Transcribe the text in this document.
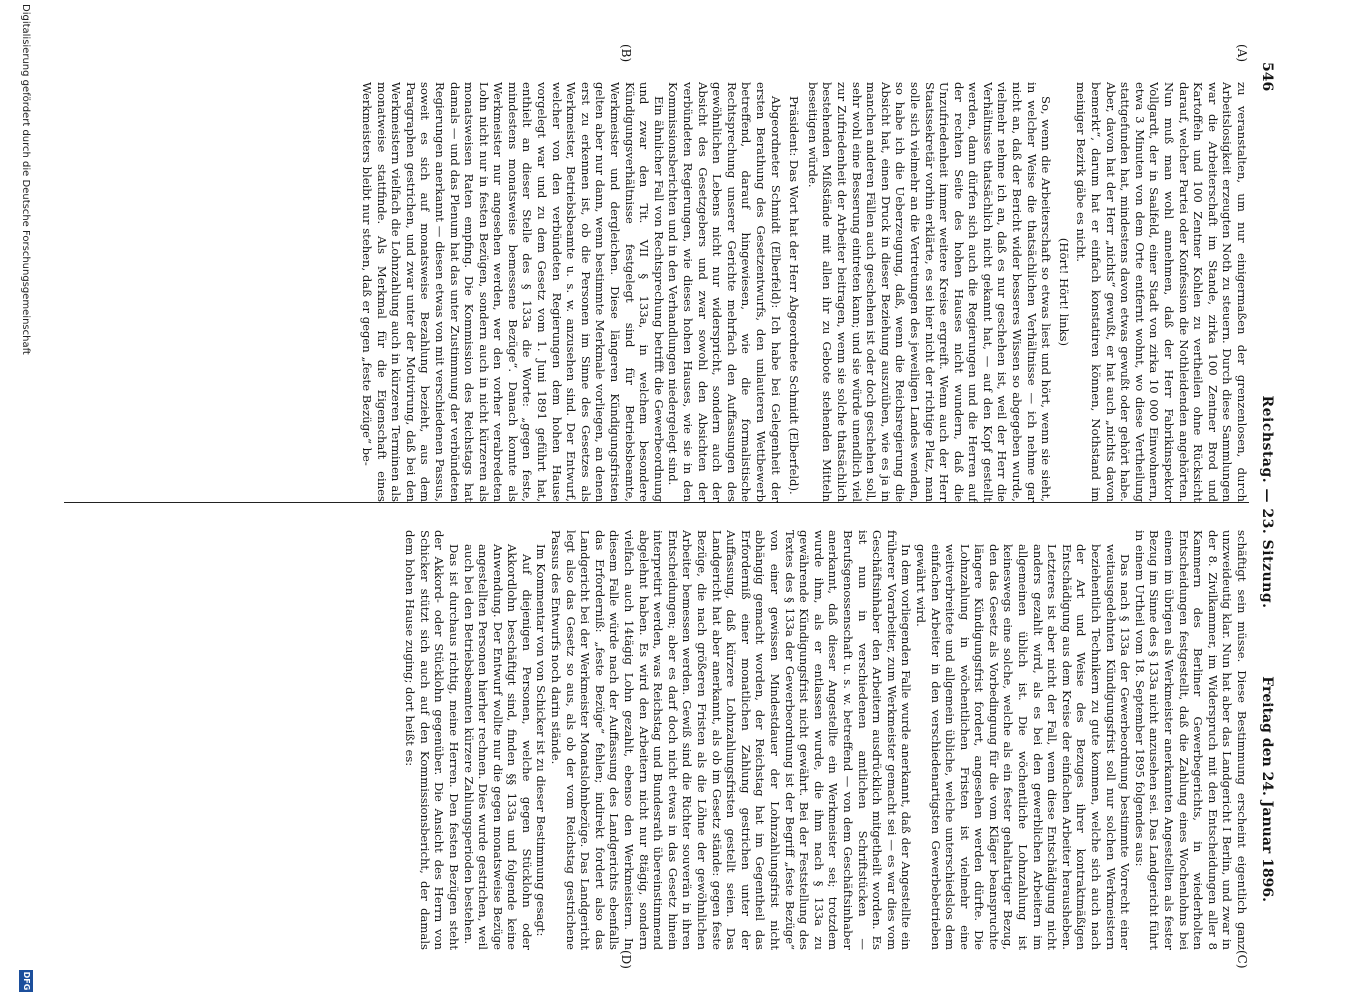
546
Reichstag. — 23. Sitzung.
Freitag den 24. Januar 1896.
(A)
(B)
(C)
(D)

zu veranstalten, um nur einigermaßen der grenzenlosen, durch Arbeitslosigkeit erzeugten Noth zu steuern. Durch diese Sammlungen war die Arbeiterschaft im Stande, zirka 100 Zentner Brod und Kartoffeln und 100 Zentner Kohlen zu vertheilen ohne Rücksicht darauf, welcher Partei oder Konfession die Nothleidenden angehörten. Nun muß man wohl annehmen, daß der Herr Fabrikinspektor Vollgardt, der in Saalfeld, einer Stadt von zirka 10 000 Einwohnern, etwa 3 Minuten von dem Orte entfernt wohnt, wo diese Vertheilung stattgefunden hat, mindestens davon etwas gewußt oder gehört habe. Aber, davon hat der Herr „nichts“ gewußt, er hat auch „nichts davon bemerkt“, darum hat er einfach konstatiren können, Nothstand im meiniger Bezirk gäbe es nicht.

(Hört! Hört! links)

So, wenn die Arbeiterschaft so etwas liest und hört, wenn sie sieht, in welcher Weise die thatsächlichen Verhältnisse — ich nehme gar nicht an, daß der Bericht wider besseres Wissen so abgegeben wurde, vielmehr nehme ich an, daß es nur geschehen ist, weil der Herr die Verhältnisse thatsächlich nicht gekannt hat, — auf den Kopf gestellt werden, dann dürfen sich auch die Regierungen und die Herren auf der rechten Seite des hohen Hauses nicht wundern, daß die Unzufriedenheit immer weitere Kreise ergreift. Wenn auch der Herr Staatssekretär vorhin erklärte, es sei hier nicht der richtige Platz, man solle sich vielmehr an die Vertretungen des jeweiligen Landes wenden, so habe ich die Ueberzeugung, daß, wenn die Reichsregierung die Absicht hat, einen Druck in dieser Beziehung auszuüben, wie es ja in manchen anderen Fällen auch geschehen ist oder doch geschehen soll, sehr wohl eine Besserung eintreten kann; und sie würde unendlich viel zur Zufriedenheit der Arbeiter beitragen, wenn sie solche thatsächlich bestehenden Mißstände mit allen ihr zu Gebote stehenden Mitteln beseitigen würde.

Präsident: Das Wort hat der Herr Abgeordnete Schmidt (Elberfeld).

Abgeordneter Schmidt (Elberfeld): Ich habe bei Gelegenheit der ersten Berathung des Gesetzentwurfs, den unlauteren Wettbewerb betreffend, darauf hingewiesen, wie die formalistische Rechtsprechung unserer Gerichte mehrfach den Auffassungen des gewöhnlichen Lebens nicht nur widerspricht, sondern auch der Absicht des Gesetzgebers und zwar sowohl den Absichten der verbündeten Regierungen, wie dieses hohen Hauses, wie sie in den Kommissionsberichten und in den Verhandlungen niedergelegt sind.

Ein ähnlicher Fall von Rechtsprechung betrifft die Gewerbeordnung und zwar den Tit. VII § 133a, in welchem besondere Kündigungsverhältnisse festgelegt sind für Betriebsbeamte, Werkmeister und dergleichen. Diese längeren Kündigungsfristen gelten aber nur dann, wenn bestimmte Merkmale vorliegen, an denen erst zu erkennen ist, ob die Personen im Sinne des Gesetzes als Werkmeister, Betriebsbeamte u. s. w. anzusehen sind. Der Entwurf, welcher von den verbündeten Regierungen dem hohen Hause vorgelegt war und zu dem Gesetz vom 1. Juni 1891 geführt hat, enthielt an dieser Stelle des § 133a die Worte: „gegen feste, mindestens monatsweise bemessene Bezüge“. Danach konnte als Werkmeister nur angesehen werden, wer den vorher verabredeten Lohn nicht nur in festen Bezügen, sondern auch in nicht kürzeren als monatsweisen Raten empfing. Die Kommission des Reichstags hat damals — und das Plenum hat das unter Zustimmung der verbündeten Regierungen anerkannt — diesen etwas von mit verschiedenen Passus, soweit es sich auf monatsweise Bezahlung bezieht, aus dem Paragraphen gestrichen, und zwar unter der Motivirung, daß bei den Werkmeistern vielfach die Lohnzahlung auch in kürzeren Terminen als monatweise stattfinde. Als Merkmal für die Eigenschaft eines Werkmeisters bleibt nur stehen, daß er gegen „feste Bezüge“ be-

schäftigt sein müsse. Diese Bestimmung erscheint eigentlich ganz unzweideutig klar. Nun hat aber das Landgericht I Berlin, und zwar in der 8. Zivilkammer, im Widerspruch mit den Entscheidungen aller 8 Kammern des Berliner Gewerbegerichts, in wiederholten Entscheidungen festgestellt, daß die Zahlung eines Wochenlohns bei einem im übrigen als Werkmeister anerkannten Angestellten als fester Bezug im Sinne des § 133a nicht anzusehen sei. Das Landgericht führt in einem Urtheil vom 18. September 1895 folgendes aus:

Das nach § 133a der Gewerbeordnung bestimmte Vorrecht einer weitausgedehnten Kündigungsfrist soll nur solchen Werkmeistern beziehentlich Technikern zu gute kommen, welche sich auch nach der Art und Weise des Bezuges ihrer kontraktmäßigen Entschädigung aus dem Kreise der einfachen Arbeiter herausheben. Letzteres ist aber nicht der Fall, wenn diese Entschädigung nicht anders gezahlt wird, als es bei den gewerblichen Arbeitern im allgemeinen üblich ist. Die wöchentliche Lohnzahlung ist keineswegs eine solche, welche als ein fester gehaltartiger Bezug, den das Gesetz als Vorbedingung für die vom Kläger beanspruchte längere Kündigungsfrist fordert, angesehen werden dürfte. Die Lohnzahlung in wöchentlichen Fristen ist vielmehr eine weitverbreitete und allgemein übliche, welche unterschiedslos dem einfachen Arbeiter in den verschiedenartigsten Gewerbebetrieben gewährt wird.

In dem vorliegenden Falle wurde anerkannt, daß der Angestellte ein früherer Vorarbeiter, zum Werkmeister gemacht sei — es war dies vom Geschäftsinhaber den Arbeitern ausdrücklich mitgetheilt worden. Es ist nun in verschiedenen amtlichen Schriftstücken — Berufsgenossenschaft u. s. w. betreffend — von dem Geschäftsinhaber anerkannt, daß dieser Angestellte ein Werkmeister sei; trotzdem wurde ihm, als er entlassen wurde, die ihm nach § 133a zu gewährende Kündigungsfrist nicht gewährt. Bei der Feststellung des Textes des § 133a der Gewerbeordnung ist der Begriff „feste Bezüge“ von einer gewissen Mindestdauer der Lohnzahlungsfrist nicht abhängig gemacht worden, der Reichstag hat im Gegentheil das Erforderniß einer monatlichen Zahlung gestrichen unter der Auffassung, daß kürzere Lohnzahlungsfristen gestellt seien. Das Landgericht hat aber anerkannt, als ob im Gesetz stände: gegen feste Bezüge, die nach größeren Fristen als die Löhne der gewöhnlichen Arbeiter bemessen werden. Gewiß sind die Richter souverän in ihren Entscheidungen; aber es darf doch nicht etwas in das Gesetz hinein interpretirt werden, was Reichstag und Bundesrath übereinstimmend abgelehnt haben. Es wird den Arbeitern nicht nur 8tägig, sondern vielfach auch 14tägig Lohn gezahlt, ebenso den Werkmeistern. In diesem Falle würde nach der Auffassung des Landgerichts ebenfalls das Erforderniß: „feste Bezüge“ fehlen; indirekt fordert also das Landgericht bei der Werkmeister Monatslohnbezüge. Das Landgericht legt also das Gesetz so aus, als ob der vom Reichstag gestrichene Passus des Entwurfs noch darin stände.

Im Kommentar von von Schicker ist zu dieser Bestimmung gesagt:

Auf diejenigen Personen, welche gegen Stücklohn oder Akkordlohn beschäftigt sind, finden §§ 133a und folgende keine Anwendung. Der Entwurf wollte nur die gegen monatsweise Bezüge angestellten Personen hierher rechnen. Dies wurde gestrichen, weil auch bei den Betriebsbeamten kürzere Zahlungsperioden bestehen.

Das ist durchaus richtig, meine Herren. Den festen Bezügen steht der Akkord- oder Stücklohn gegenüber. Die Ansicht des Herrn von Schicker stützt sich auch auf den Kommissionsbericht, der damals dem hohen Hause zuging; dort heißt es:

Digitalisierung gefördert durch die Deutsche Forschungsgemeinschaft
DFG
